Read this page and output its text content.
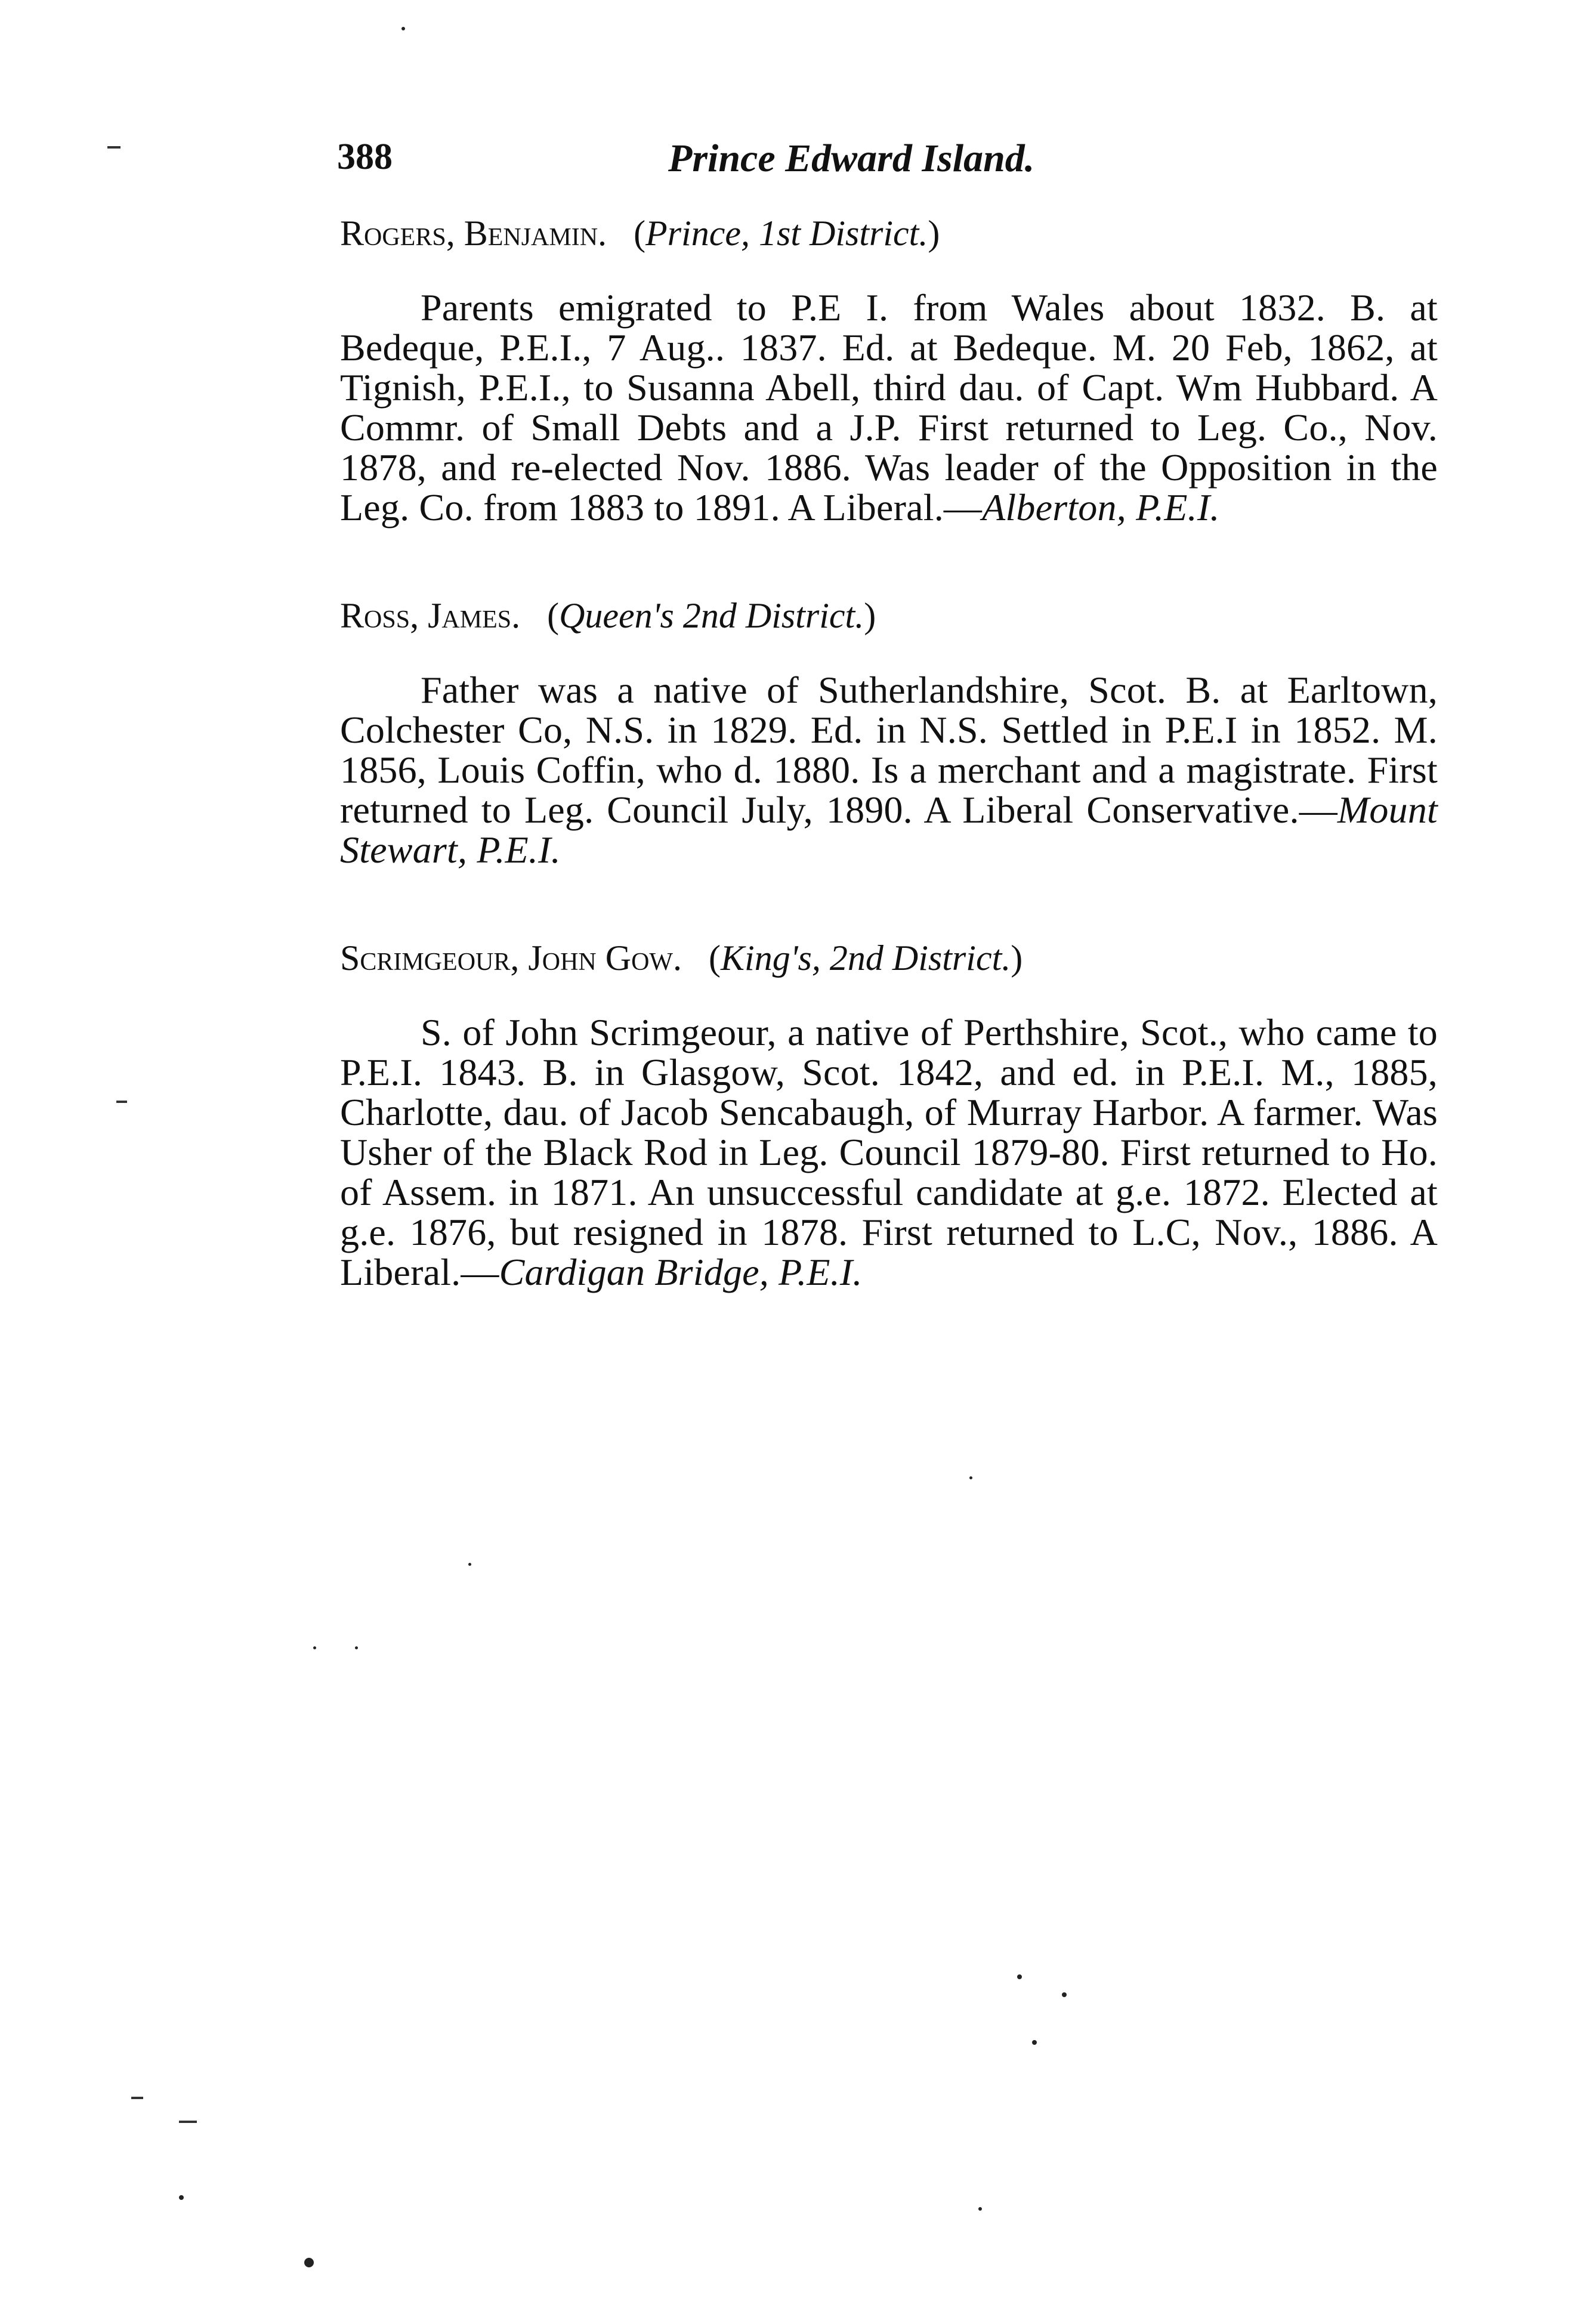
388	Prince Edward Island.
Rogers, Benjamin. (Prince, 1st District.)

Parents emigrated to P.E I. from Wales about 1832. B. at Bedeque, P.E.I., 7 Aug.. 1837. Ed. at Bedeque. M. 20 Feb, 1862, at Tignish, P.E.I., to Susanna Abell, third dau. of Capt. Wm Hubbard. A Commr. of Small Debts and a J.P. First returned to Leg. Co., Nov. 1878, and re-elected Nov. 1886. Was leader of the Opposition in the Leg. Co. from 1883 to 1891. A Liberal.—Alberton, P.E.I.

Ross, James. (Queen's 2nd District.)

Father was a native of Sutherlandshire, Scot. B. at Earltown, Colchester Co, N.S. in 1829. Ed. in N.S. Settled in P.E.I in 1852. M. 1856, Louis Coffin, who d. 1880. Is a merchant and a magistrate. First returned to Leg. Council July, 1890. A Liberal Conservative.—Mount Stewart, P.E.I.

Scrimgeour, John Gow. (King's, 2nd District.)

S. of John Scrimgeour, a native of Perthshire, Scot., who came to P.E.I. 1843. B. in Glasgow, Scot. 1842, and ed. in P.E.I. M., 1885, Charlotte, dau. of Jacob Sencabaugh, of Murray Harbor. A farmer. Was Usher of the Black Rod in Leg. Council 1879-80. First returned to Ho. of Assem. in 1871. An unsuccessful candidate at g.e. 1872. Elected at g.e. 1876, but resigned in 1878. First returned to L.C, Nov., 1886. A Liberal.—Cardigan Bridge, P.E.I.
